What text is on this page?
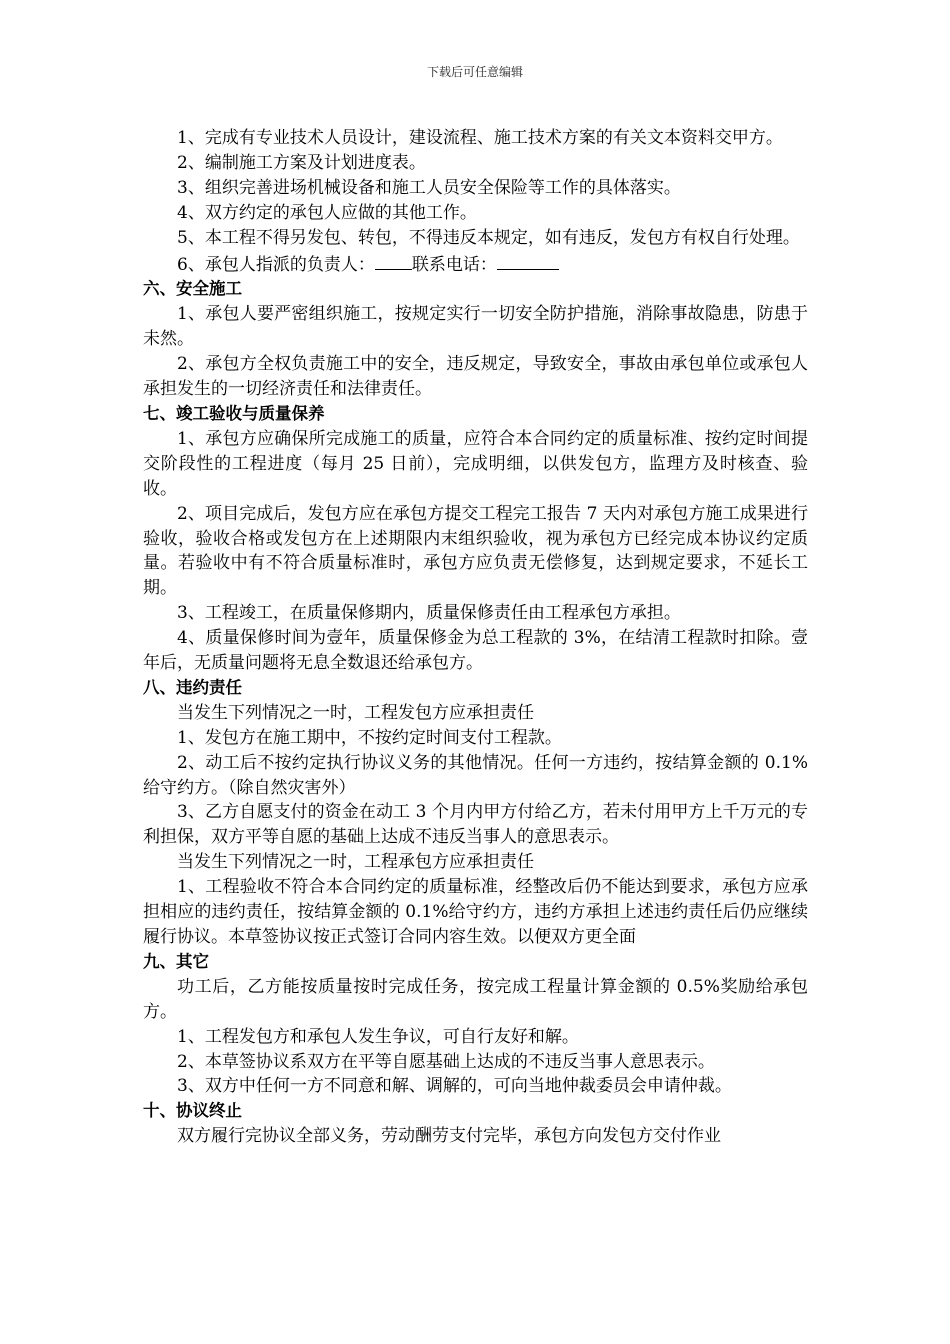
下载后可任意编辑

1、完成有专业技术人员设计，建设流程、施工技术方案的有关文本资料交甲方。

2、编制施工方案及计划进度表。

3、组织完善进场机械设备和施工人员安全保险等工作的具体落实。

4、双方约定的承包人应做的其他工作。

5、本工程不得另发包、转包，不得违反本规定，如有违反，发包方有权自行处理。

6、承包人指派的负责人： 联系电话：

六、安全施工

1、承包人要严密组织施工，按规定实行一切安全防护措施，消除事故隐患，防患于未然。

2、承包方全权负责施工中的安全，违反规定，导致安全，事故由承包单位或承包人承担发生的一切经济责任和法律责任。

七、竣工验收与质量保养

1、承包方应确保所完成施工的质量，应符合本合同约定的质量标准、按约定时间提交阶段性的工程进度（每月 25 日前），完成明细，以供发包方，监理方及时核查、验收。

2、项目完成后，发包方应在承包方提交工程完工报告 7 天内对承包方施工成果进行验收，验收合格或发包方在上述期限内末组织验收，视为承包方已经完成本协议约定质量。若验收中有不符合质量标准时，承包方应负责无偿修复，达到规定要求，不延长工期。

3、工程竣工，在质量保修期内，质量保修责任由工程承包方承担。

4、质量保修时间为壹年，质量保修金为总工程款的 3%，在结清工程款时扣除。壹年后，无质量问题将无息全数退还给承包方。

八、违约责任

当发生下列情况之一时，工程发包方应承担责任

1、发包方在施工期中，不按约定时间支付工程款。

2、动工后不按约定执行协议义务的其他情况。任何一方违约，按结算金额的 0.1%给守约方。（除自然灾害外）

3、乙方自愿支付的资金在动工 3 个月内甲方付给乙方，若未付用甲方上千万元的专利担保，双方平等自愿的基础上达成不违反当事人的意思表示。

当发生下列情况之一时，工程承包方应承担责任

1、工程验收不符合本合同约定的质量标准，经整改后仍不能达到要求，承包方应承担相应的违约责任，按结算金额的 0.1%给守约方，违约方承担上述违约责任后仍应继续履行协议。本草签协议按正式签订合同内容生效。以便双方更全面

九、其它

功工后，乙方能按质量按时完成任务，按完成工程量计算金额的 0.5%奖励给承包方。

1、工程发包方和承包人发生争议，可自行友好和解。

2、本草签协议系双方在平等自愿基础上达成的不违反当事人意思表示。

3、双方中任何一方不同意和解、调解的，可向当地仲裁委员会申请仲裁。

十、协议终止

双方履行完协议全部义务，劳动酬劳支付完毕，承包方向发包方交付作业
